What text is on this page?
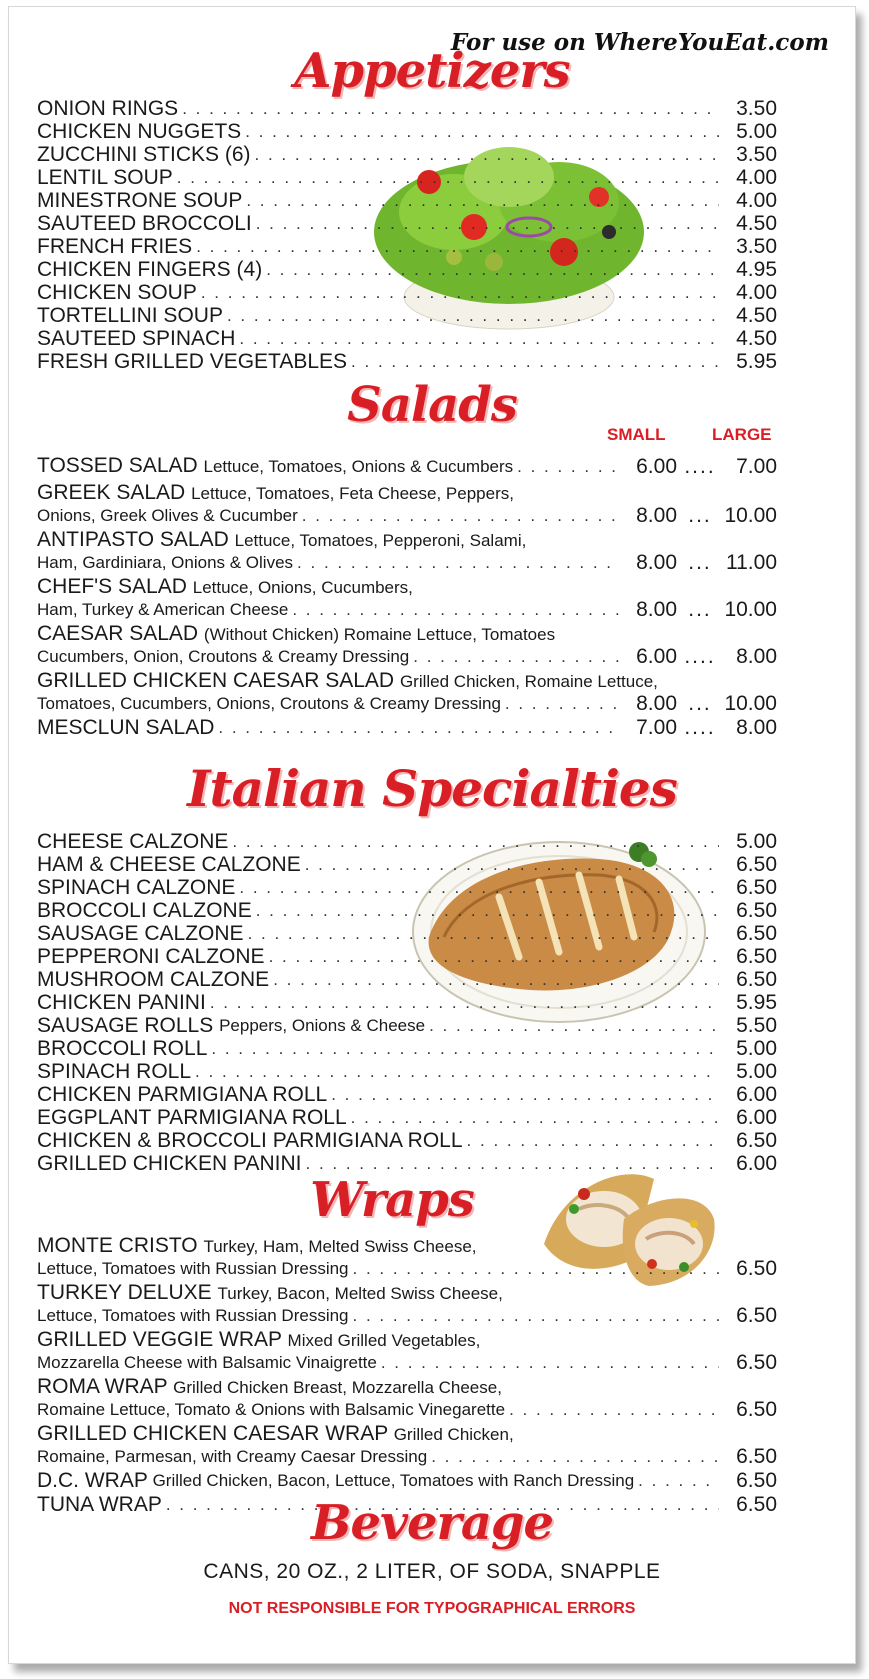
For use on WhereYouEat.com
Appetizers
ONION RINGS . . .	3.50
CHICKEN NUGGETS . . .	5.00
ZUCCHINI STICKS (6) . . .	3.50
LENTIL SOUP . . .	4.00
MINESTRONE SOUP . . .	4.00
SAUTEED BROCCOLI . . .	4.50
FRENCH FRIES . . .	3.50
CHICKEN FINGERS (4) . . .	4.95
CHICKEN SOUP . . .	4.00
TORTELLINI SOUP . . .	4.50
SAUTEED SPINACH . . .	4.50
FRESH GRILLED VEGETABLES . . .	5.95
Salads
SMALL	LARGE
TOSSED SALAD Lettuce, Tomatoes, Onions & Cucumbers . . .	6.00 .... 7.00
GREEK SALAD Lettuce, Tomatoes, Feta Cheese, Peppers,
Onions, Greek Olives & Cucumber . . .	8.00 ... 10.00
ANTIPASTO SALAD Lettuce, Tomatoes, Pepperoni, Salami,
Ham, Gardiniara, Onions & Olives . . .	8.00 ... 11.00
CHEF'S SALAD Lettuce, Onions, Cucumbers,
Ham, Turkey & American Cheese . . .	8.00 ... 10.00
CAESAR SALAD (Without Chicken) Romaine Lettuce, Tomatoes
Cucumbers, Onion, Croutons & Creamy Dressing . . .	6.00 .... 8.00
GRILLED CHICKEN CAESAR SALAD Grilled Chicken, Romaine Lettuce,
Tomatoes, Cucumbers, Onions, Croutons & Creamy Dressing . . .	8.00 ... 10.00
MESCLUN SALAD . . .	7.00 .... 8.00
Italian Specialties
CHEESE CALZONE . . .	5.00
HAM & CHEESE CALZONE . . .	6.50
SPINACH CALZONE . . .	6.50
BROCCOLI CALZONE . . .	6.50
SAUSAGE CALZONE . . .	6.50
PEPPERONI CALZONE . . .	6.50
MUSHROOM CALZONE . . .	6.50
CHICKEN PANINI . . .	5.95
SAUSAGE ROLLS
Peppers, Onions & Cheese . . .	5.50
BROCCOLI ROLL . . .	5.00
SPINACH ROLL . . .	5.00
CHICKEN PARMIGIANA ROLL . . .	6.00
EGGPLANT PARMIGIANA ROLL . . .	6.00
CHICKEN & BROCCOLI PARMIGIANA ROLL . . .	6.50
GRILLED CHICKEN PANINI . . .	6.00
Wraps
MONTE CRISTO Turkey, Ham, Melted Swiss Cheese,
Lettuce, Tomatoes with Russian Dressing . . .	6.50
TURKEY DELUXE Turkey, Bacon, Melted Swiss Cheese,
Lettuce, Tomatoes with Russian Dressing . . .	6.50
GRILLED VEGGIE WRAP Mixed Grilled Vegetables,
Mozzarella Cheese with Balsamic Vinaigrette . . .	6.50
ROMA WRAP Grilled Chicken Breast, Mozzarella Cheese,
Romaine Lettuce, Tomato & Onions with Balsamic Vinegarette . . .	6.50
GRILLED CHICKEN CAESAR WRAP Grilled Chicken,
Romaine, Parmesan, with Creamy Caesar Dressing . . .	6.50
D.C. WRAP
Grilled Chicken, Bacon, Lettuce, Tomatoes with Ranch Dressing . . .	6.50
TUNA WRAP . . .	6.50
Beverage
CANS, 20 OZ., 2 LITER, OF SODA, SNAPPLE
NOT RESPONSIBLE FOR TYPOGRAPHICAL ERRORS
